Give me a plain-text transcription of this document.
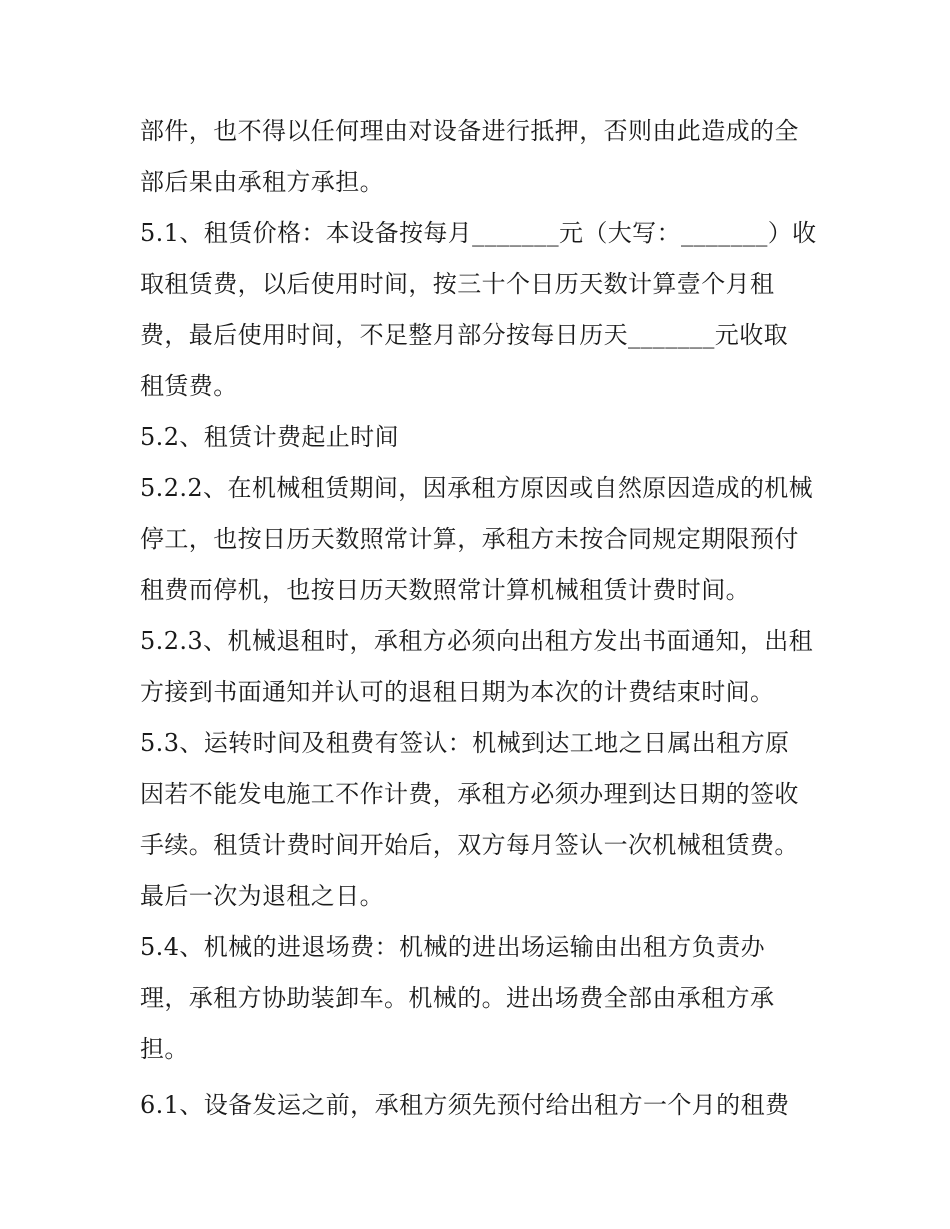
部件，也不得以任何理由对设备进行抵押，否则由此造成的全
部后果由承租方承担。
5.1、租赁价格：本设备按每月_______元（大写：_______）收
取租赁费，以后使用时间，按三十个日历天数计算壹个月租
费，最后使用时间，不足整月部分按每日历天_______元收取
租赁费。
5.2、租赁计费起止时间
5.2.2、在机械租赁期间，因承租方原因或自然原因造成的机械
停工，也按日历天数照常计算，承租方未按合同规定期限预付
租费而停机，也按日历天数照常计算机械租赁计费时间。
5.2.3、机械退租时，承租方必须向出租方发出书面通知，出租
方接到书面通知并认可的退租日期为本次的计费结束时间。
5.3、运转时间及租费有签认：机械到达工地之日属出租方原
因若不能发电施工不作计费，承租方必须办理到达日期的签收
手续。租赁计费时间开始后，双方每月签认一次机械租赁费。
最后一次为退租之日。
5.4、机械的进退场费：机械的进出场运输由出租方负责办
理，承租方协助装卸车。机械的。进出场费全部由承租方承
担。
6.1、设备发运之前，承租方须先预付给出租方一个月的租费
